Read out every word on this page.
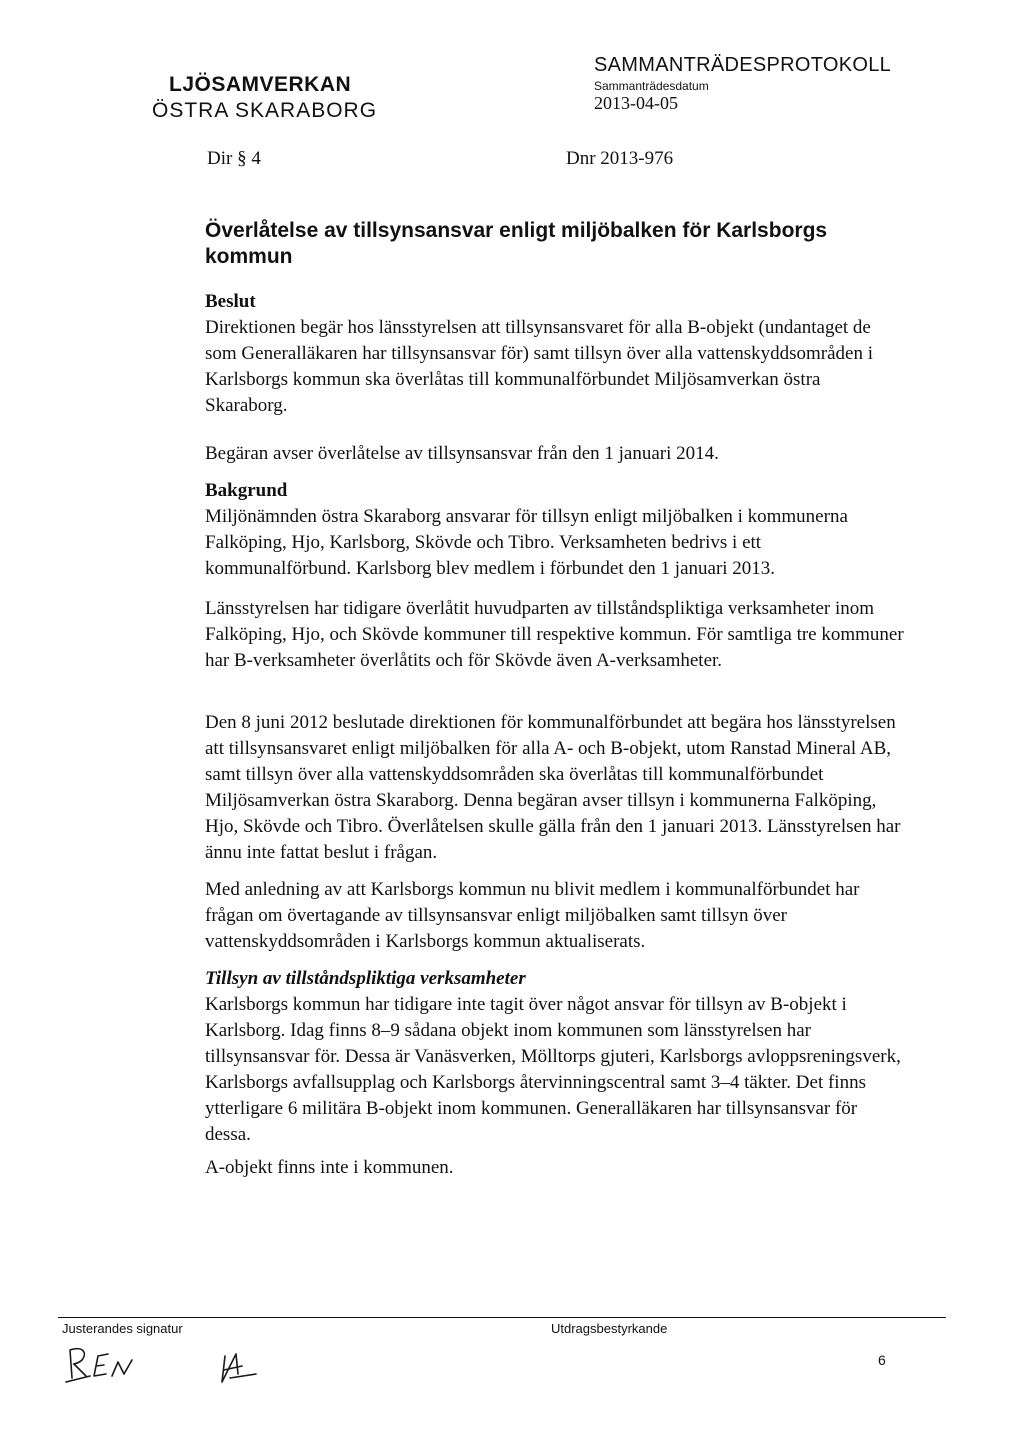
LJÖSAMVERKAN
ÖSTRA SKARABORG
SAMMANTRÄDESPROTOKOLL
Sammanträdesdatum
2013-04-05
Dir § 4	Dnr 2013-976
Överlåtelse av tillsynsansvar enligt miljöbalken för Karlsborgs kommun
Beslut

Direktionen begär hos länsstyrelsen att tillsynsansvaret för alla B-objekt (undantaget de som Generalläkaren har tillsynsansvar för) samt tillsyn över alla vattenskyddsområden i Karlsborgs kommun ska överlåtas till kommunalförbundet Miljösamverkan östra Skaraborg.

Begäran avser överlåtelse av tillsynsansvar från den 1 januari 2014.

Bakgrund

Miljönämnden östra Skaraborg ansvarar för tillsyn enligt miljöbalken i kommunerna Falköping, Hjo, Karlsborg, Skövde och Tibro. Verksamheten bedrivs i ett kommunalförbund. Karlsborg blev medlem i förbundet den 1 januari 2013.

Länsstyrelsen har tidigare överlåtit huvudparten av tillståndspliktiga verksamheter inom Falköping, Hjo, och Skövde kommuner till respektive kommun. För samtliga tre kommuner har B-verksamheter överlåtits och för Skövde även A-verksamheter.

Den 8 juni 2012 beslutade direktionen för kommunalförbundet att begära hos länsstyrelsen att tillsynsansvaret enligt miljöbalken för alla A- och B-objekt, utom Ranstad Mineral AB, samt tillsyn över alla vattenskyddsområden ska överlåtas till kommunalförbundet Miljösamverkan östra Skaraborg. Denna begäran avser tillsyn i kommunerna Falköping, Hjo, Skövde och Tibro. Överlåtelsen skulle gälla från den 1 januari 2013. Länsstyrelsen har ännu inte fattat beslut i frågan.

Med anledning av att Karlsborgs kommun nu blivit medlem i kommunalförbundet har frågan om övertagande av tillsynsansvar enligt miljöbalken samt tillsyn över vattenskyddsområden i Karlsborgs kommun aktualiserats.

Tillsyn av tillståndspliktiga verksamheter

Karlsborgs kommun har tidigare inte tagit över något ansvar för tillsyn av B-objekt i Karlsborg. Idag finns 8–9 sådana objekt inom kommunen som länsstyrelsen har tillsynsansvar för. Dessa är Vanäsverken, Mölltorps gjuteri, Karlsborgs avloppsreningsverk, Karlsborgs avfallsupplag och Karlsborgs återvinningscentral samt 3–4 täkter. Det finns ytterligare 6 militära B-objekt inom kommunen. Generalläkaren har tillsynsansvar för dessa.

A-objekt finns inte i kommunen.

Justerandes signatur	Utdragsbestyrkande
6
